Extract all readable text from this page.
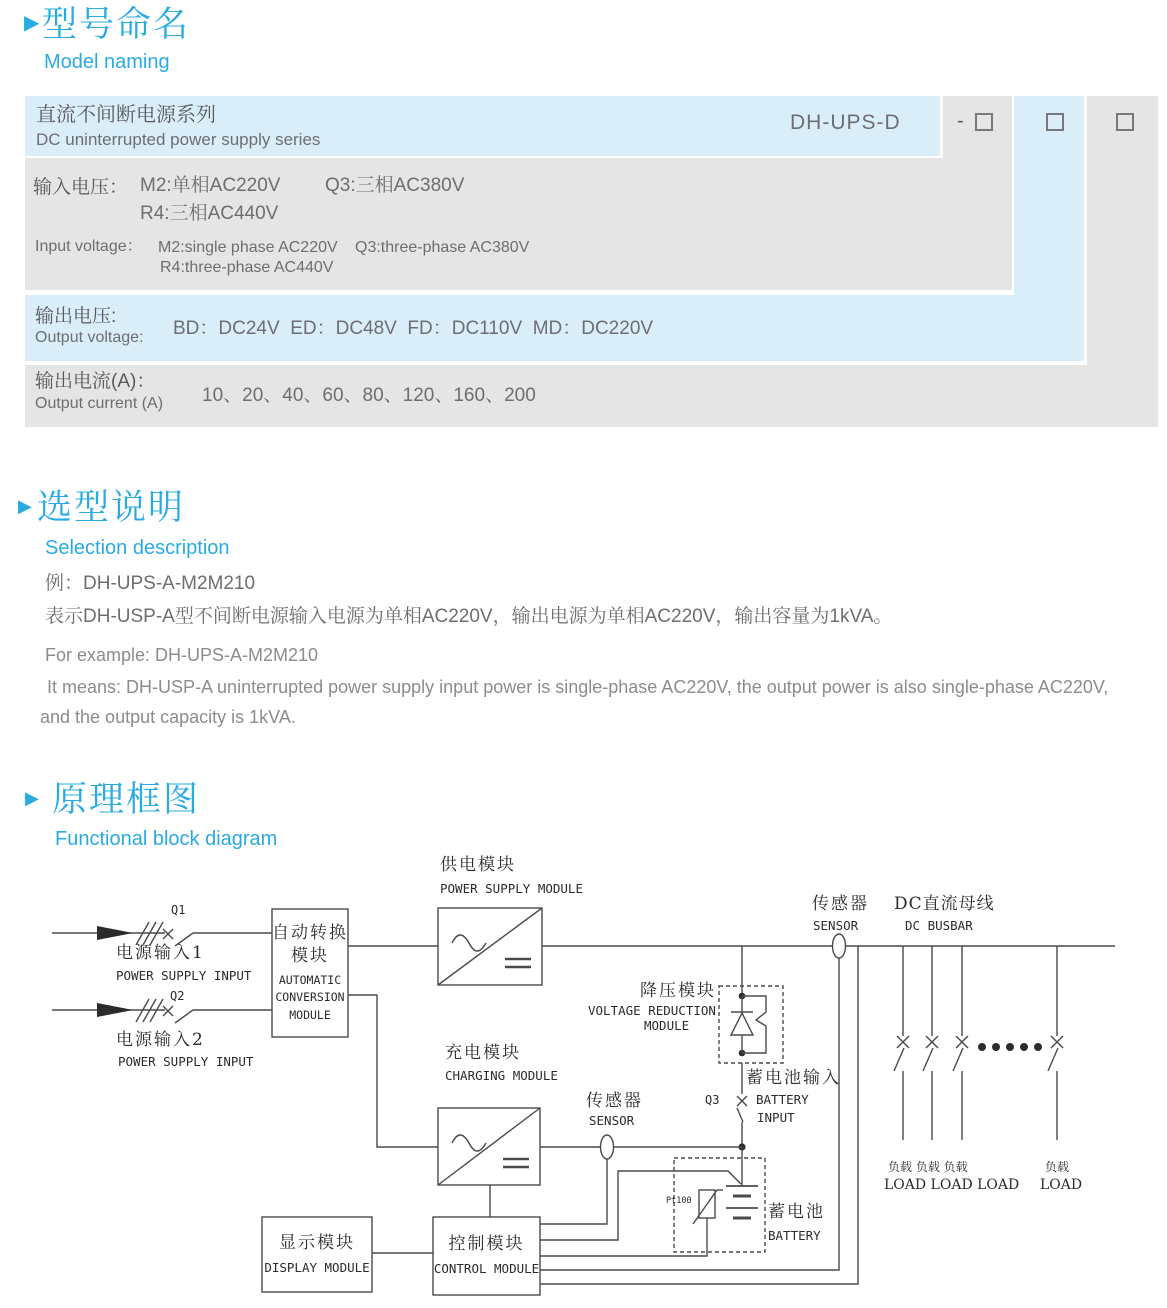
▶ 型号命名
Model naming
直流不间断电源系列
DC uninterrupted power supply series
DH-UPS-D	-
输入电压： M2:单相AC220V Q3:三相AC380V
R4:三相AC440V
Input voltage： M2:single phase AC220V Q3:three-phase AC380V
R4:three-phase AC440V
输出电压:
Output voltage: BD：DC24V  ED：DC48V  FD：DC110V  MD：DC220V
输出电流(A)：
Output current (A) 10、20、40、60、80、120、160、200
▶ 选型说明
Selection description
例：DH-UPS-A-M2M210
表示DH-USP-A型不间断电源输入电源为单相AC220V，输出电源为单相AC220V，输出容量为1kVA。
For example: DH-UPS-A-M2M210
It means: DH-USP-A uninterrupted power supply input power is single-phase AC220V, the output power is also single-phase AC220V,
and the output capacity is 1kVA.
▶ 原理框图
Functional block diagram
供电模块
POWER SUPPLY MODULE
Q1
电源输入1
POWER SUPPLY INPUT
Q2
电源输入2
POWER SUPPLY INPUT
自动转换
模块
AUTOMATIC
CONVERSION
MODULE
传感器
SENSOR
DC直流母线
DC BUSBAR
降压模块
VOLTAGE REDUCTION
MODULE
蓄电池输入
Q3	BATTERY
INPUT
充电模块
CHARGING MODULE
传感器
SENSOR
Pt100
蓄电池
BATTERY
显示模块
DISPLAY MODULE
控制模块
CONTROL MODULE
负载 负载 负载
LOAD LOAD LOAD
负载
LOAD
